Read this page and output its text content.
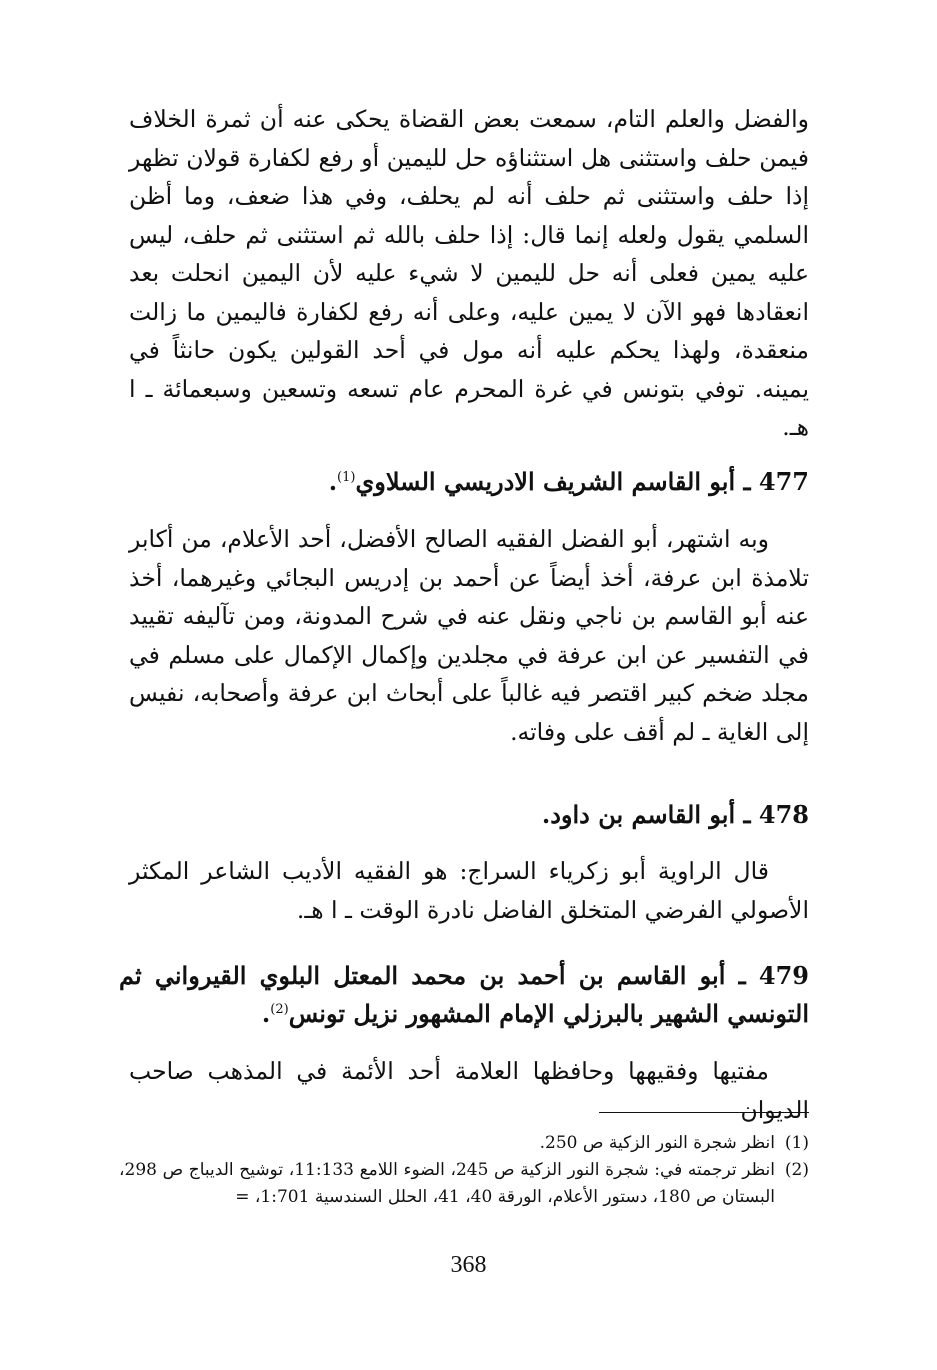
والفضل والعلم التام، سمعت بعض القضاة يحكى عنه أن ثمرة الخلاف فيمن حلف واستثنى هل استثناؤه حل لليمين أو رفع لكفارة قولان تظهر إذا حلف واستثنى ثم حلف أنه لم يحلف، وفي هذا ضعف، وما أظن السلمي يقول ولعله إنما قال: إذا حلف بالله ثم استثنى ثم حلف، ليس عليه يمين فعلى أنه حل لليمين لا شيء عليه لأن اليمين انحلت بعد انعقادها فهو الآن لا يمين عليه، وعلى أنه رفع لكفارة فاليمين ما زالت منعقدة، ولهذا يحكم عليه أنه مول في أحد القولين يكون حانثاً في يمينه. توفي بتونس في غرة المحرم عام تسعه وتسعين وسبعمائة ـ ا هـ.

477 ـ أبو القاسم الشريف الادريسي السلاوي$^{(1)}$.

وبه اشتهر، أبو الفضل الفقيه الصالح الأفضل، أحد الأعلام، من أكابر تلامذة ابن عرفة، أخذ أيضاً عن أحمد بن إدريس البجائي وغيرهما، أخذ عنه أبو القاسم بن ناجي ونقل عنه في شرح المدونة، ومن تآليفه تقييد في التفسير عن ابن عرفة في مجلدين وإكمال الإكمال على مسلم في مجلد ضخم كبير اقتصر فيه غالباً على أبحاث ابن عرفة وأصحابه، نفيس إلى الغاية ـ لم أقف على وفاته.

478 ـ أبو القاسم بن داود.

قال الراوية أبو زكرياء السراج: هو الفقيه الأديب الشاعر المكثر الأصولي الفرضي المتخلق الفاضل نادرة الوقت ـ ا هـ.

479 ـ أبو القاسم بن أحمد بن محمد المعتل البلوي القيرواني ثم التونسي الشهير بالبرزلي الإمام المشهور نزيل تونس$^{(2)}$.

مفتيها وفقيهها وحافظها العلامة أحد الأئمة في المذهب صاحب الديوان

(1)
انظر شجرة النور الزكية ص 250.
(2)
انظر ترجمته في: شجرة النور الزكية ص 245، الضوء اللامع 11:133، توشيح الديباج ص 298، البستان ص 180، دستور الأعلام، الورقة 40، 41، الحلل السندسية 1:701، =
368
